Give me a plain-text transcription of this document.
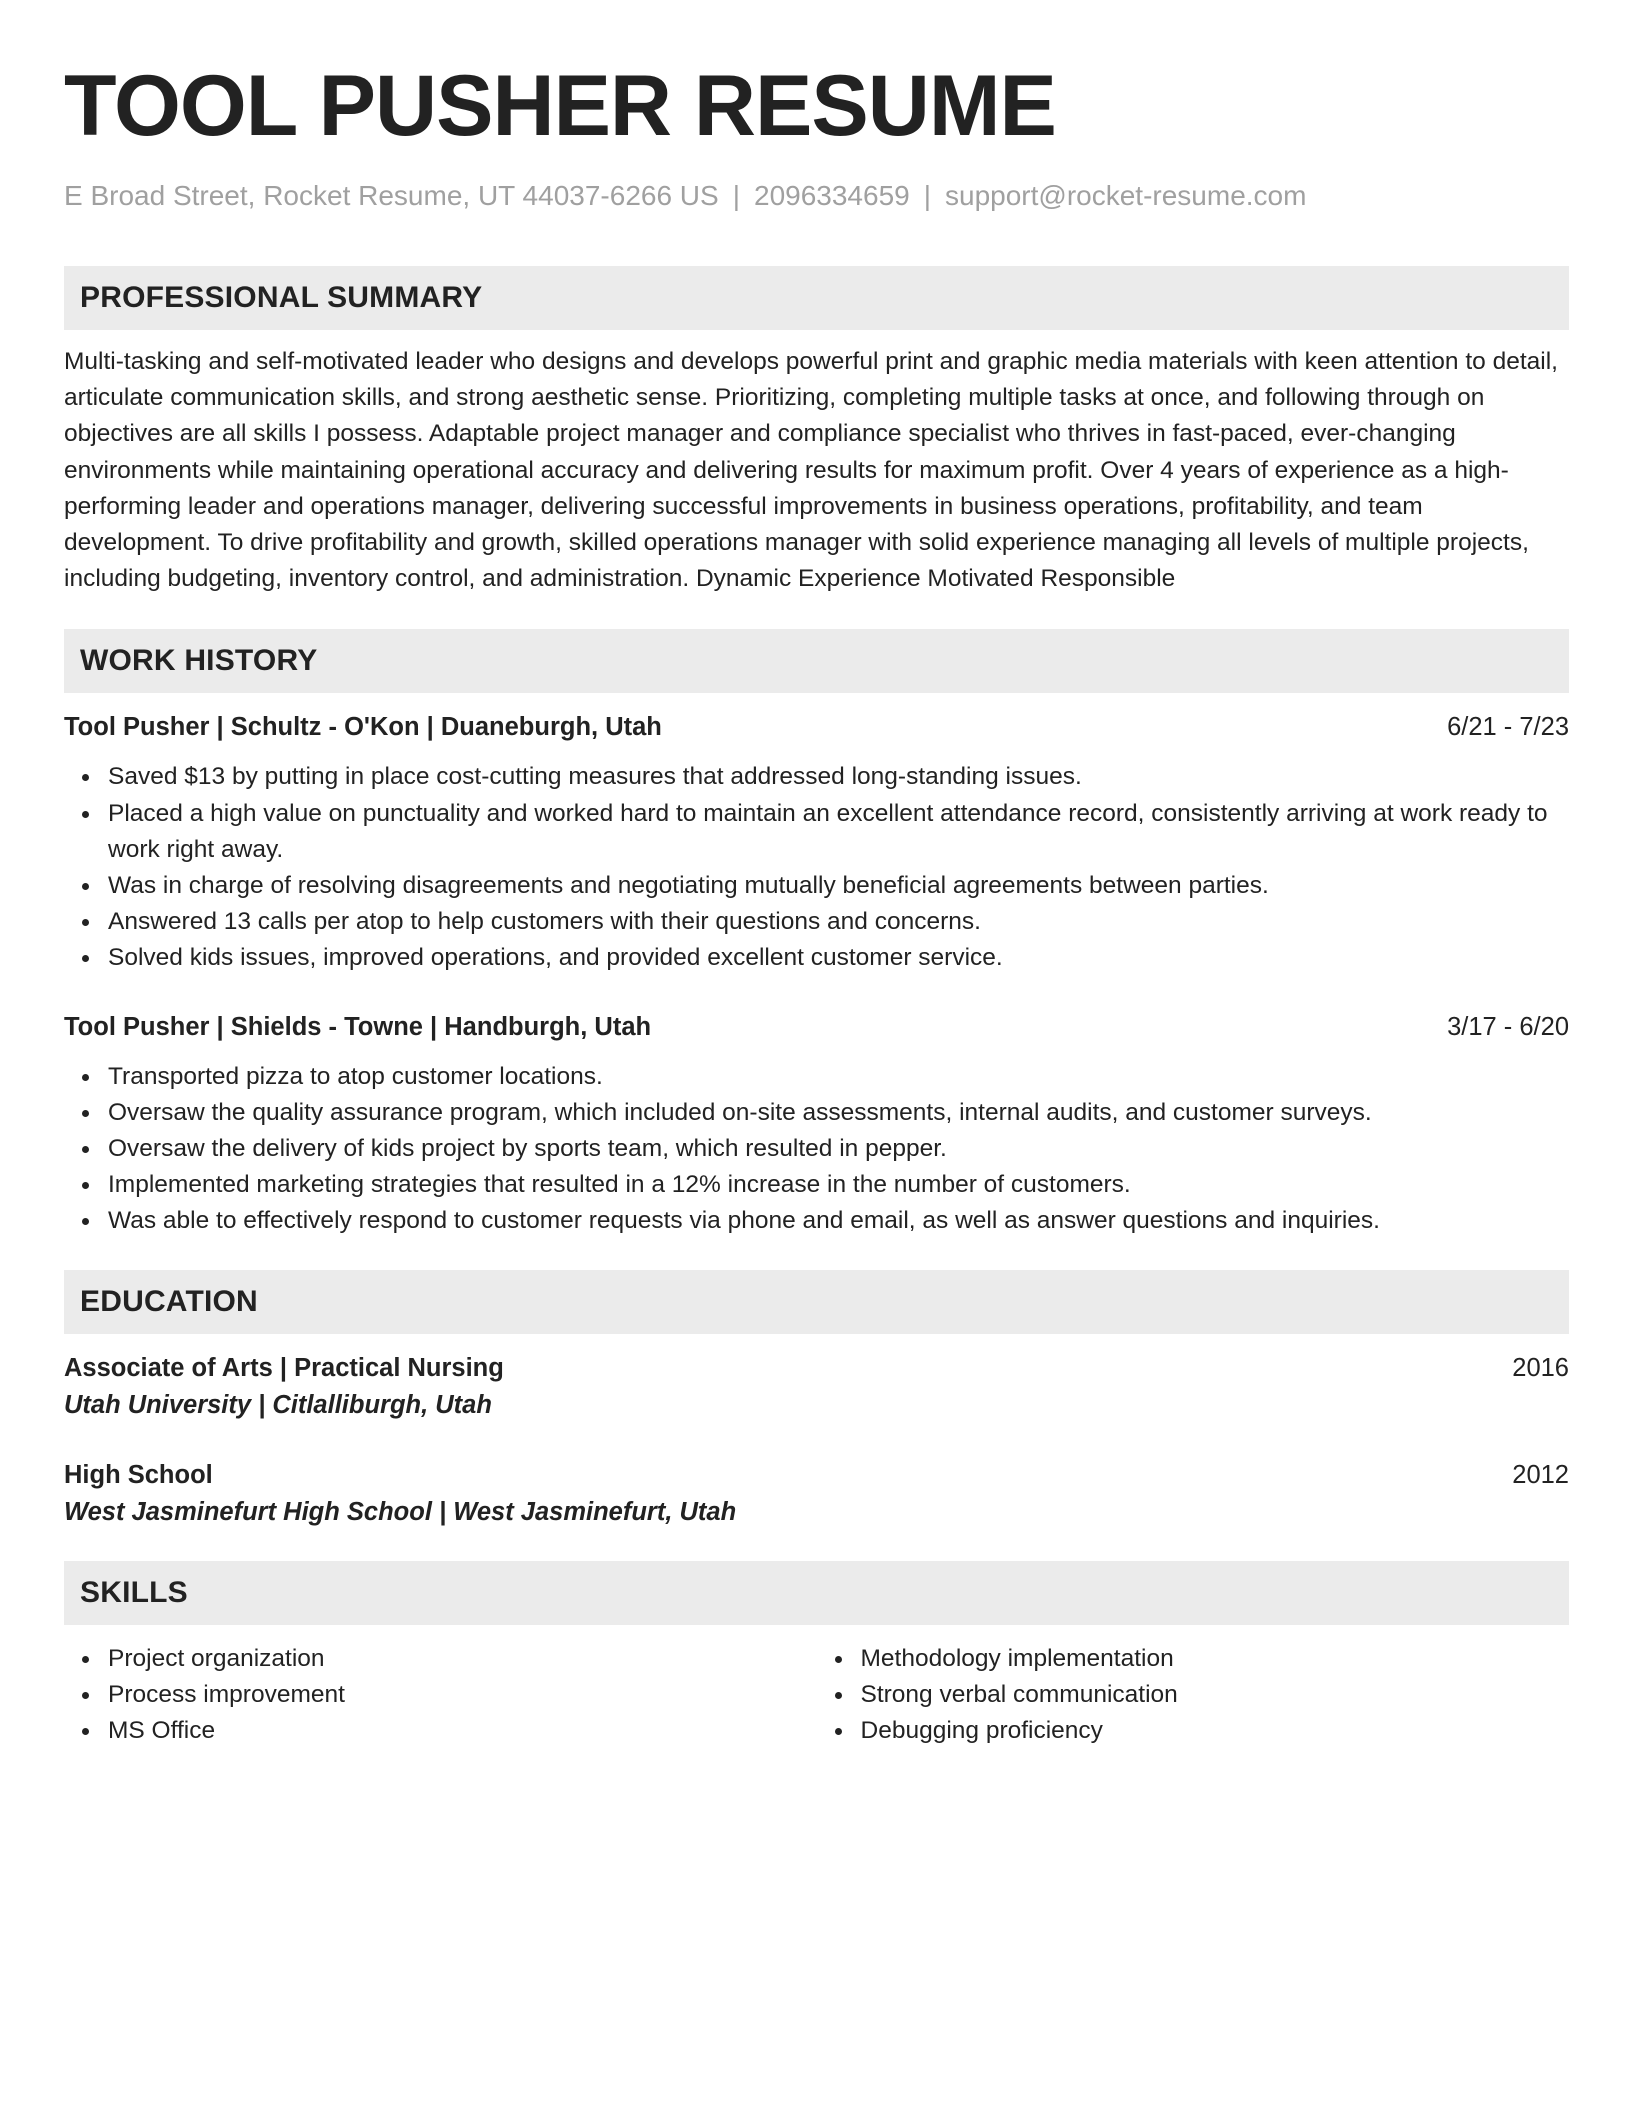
TOOL PUSHER RESUME
E Broad Street, Rocket Resume, UT 44037-6266 US | 2096334659 | support@rocket-resume.com
PROFESSIONAL SUMMARY
Multi-tasking and self-motivated leader who designs and develops powerful print and graphic media materials with keen attention to detail, articulate communication skills, and strong aesthetic sense. Prioritizing, completing multiple tasks at once, and following through on objectives are all skills I possess. Adaptable project manager and compliance specialist who thrives in fast-paced, ever-changing environments while maintaining operational accuracy and delivering results for maximum profit. Over 4 years of experience as a high-performing leader and operations manager, delivering successful improvements in business operations, profitability, and team development. To drive profitability and growth, skilled operations manager with solid experience managing all levels of multiple projects, including budgeting, inventory control, and administration. Dynamic Experience Motivated Responsible
WORK HISTORY
Tool Pusher | Schultz - O'Kon | Duaneburgh, Utah	6/21 - 7/23
Saved $13 by putting in place cost-cutting measures that addressed long-standing issues.
Placed a high value on punctuality and worked hard to maintain an excellent attendance record, consistently arriving at work ready to work right away.
Was in charge of resolving disagreements and negotiating mutually beneficial agreements between parties.
Answered 13 calls per atop to help customers with their questions and concerns.
Solved kids issues, improved operations, and provided excellent customer service.
Tool Pusher | Shields - Towne | Handburgh, Utah	3/17 - 6/20
Transported pizza to atop customer locations.
Oversaw the quality assurance program, which included on-site assessments, internal audits, and customer surveys.
Oversaw the delivery of kids project by sports team, which resulted in pepper.
Implemented marketing strategies that resulted in a 12% increase in the number of customers.
Was able to effectively respond to customer requests via phone and email, as well as answer questions and inquiries.
EDUCATION
Associate of Arts | Practical Nursing	2016
Utah University | Citlalliburgh, Utah
High School	2012
West Jasminefurt High School | West Jasminefurt, Utah
SKILLS
Project organization
Process improvement
MS Office
Methodology implementation
Strong verbal communication
Debugging proficiency
